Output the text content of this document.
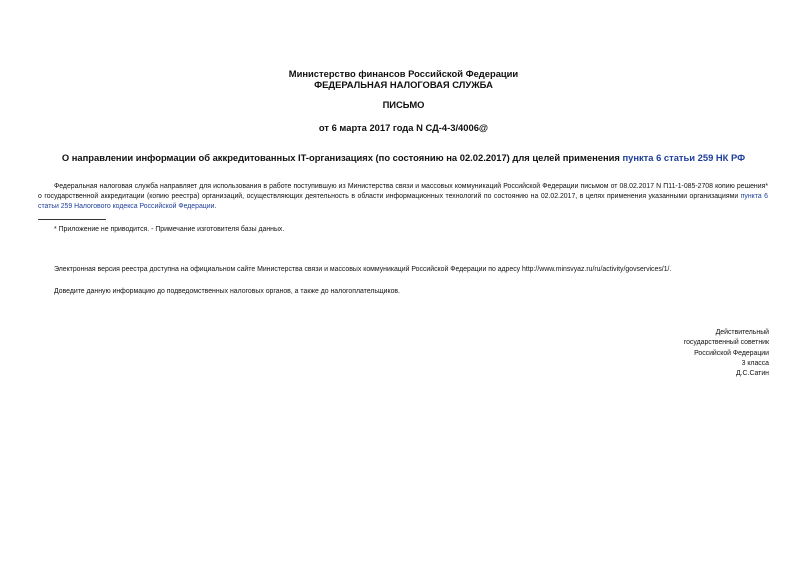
Министерство финансов Российской Федерации
ФЕДЕРАЛЬНАЯ НАЛОГОВАЯ СЛУЖБА
ПИСЬМО
от 6 марта 2017 года N СД-4-3/4006@
О направлении информации об аккредитованных IT-организациях (по состоянию на 02.02.2017) для целей применения пункта 6 статьи 259 НК РФ
Федеральная налоговая служба направляет для использования в работе поступившую из Министерства связи и массовых коммуникаций Российской Федерации письмом от 08.02.2017 N П11-1-085-2708 копию решения* о государственной аккредитации (копию реестра) организаций, осуществляющих деятельность в области информационных технологий по состоянию на 02.02.2017, в целях применения указанными организациями пункта 6 статьи 259 Налогового кодекса Российской Федерации.
* Приложение не приводится. - Примечание изготовителя базы данных.
Электронная версия реестра доступна на официальном сайте Министерства связи и массовых коммуникаций Российской Федерации по адресу http://www.minsvyaz.ru/ru/activity/govservices/1/.
Доведите данную информацию до подведомственных налоговых органов, а также до налогоплательщиков.
Действительный
государственный советник
Российской Федерации
3 класса
Д.С.Сатин
